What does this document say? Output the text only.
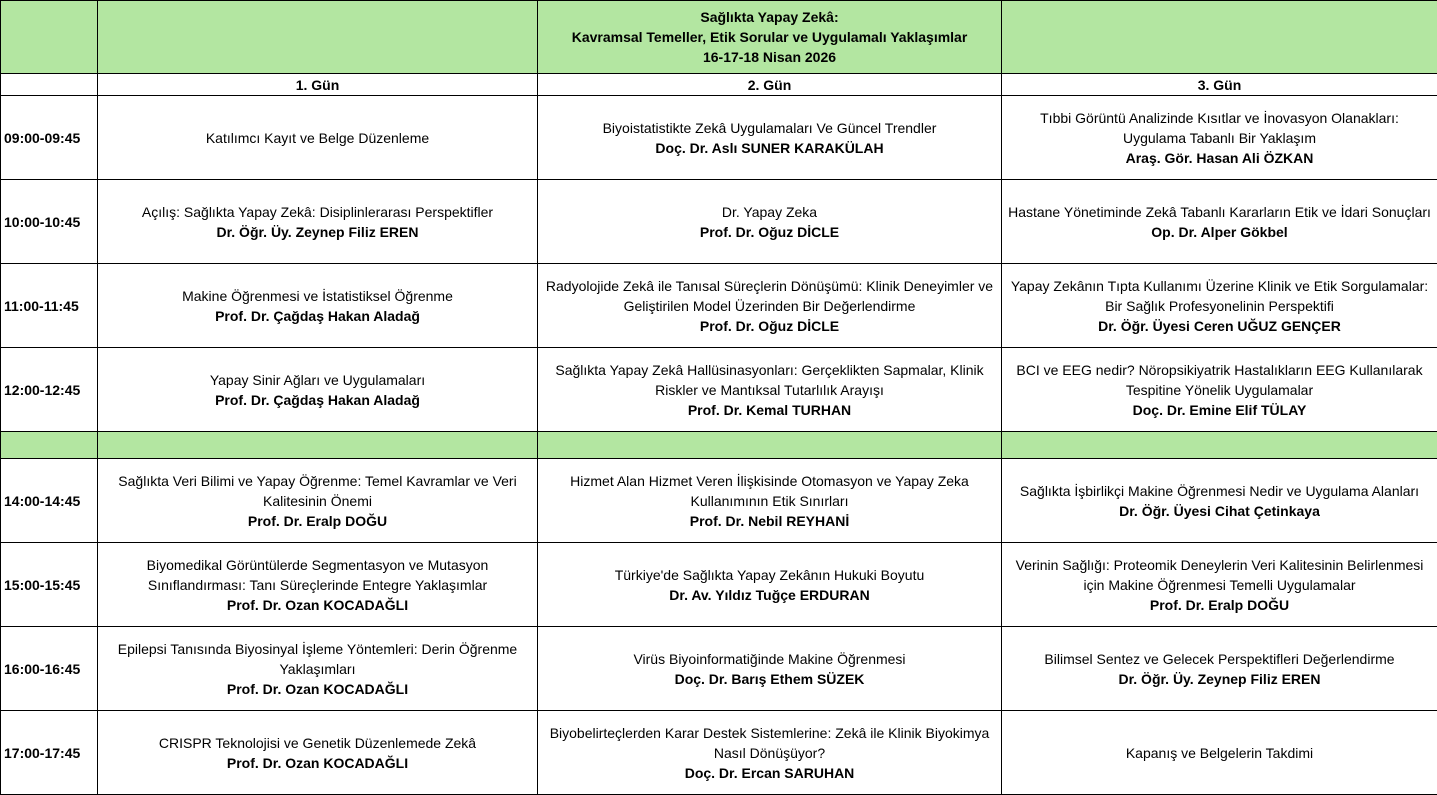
		Sağlıkta Yapay Zekâ:
Kavramsal Temeller, Etik Sorular ve Uygulamalı Yaklaşımlar
16-17-18 Nisan 2026	

	1. Gün	2. Gün	3. Gün
09:00-09:45	Katılımcı Kayıt ve Belge Düzenleme	Biyoistatistikte Zekâ Uygulamaları Ve Güncel Trendler
Doç. Dr. Aslı SUNER KARAKÜLAH	Tıbbi Görüntü Analizinde Kısıtlar ve İnovasyon Olanakları: Uygulama Tabanlı Bir Yaklaşım
Araş. Gör. Hasan Ali ÖZKAN

10:00-10:45	Açılış: Sağlıkta Yapay Zekâ: Disiplinlerarası Perspektifler
Dr. Öğr. Üy. Zeynep Filiz EREN	Dr. Yapay Zeka
Prof. Dr. Oğuz DİCLE	Hastane Yönetiminde Zekâ Tabanlı Kararların Etik ve İdari Sonuçları
Op. Dr. Alper Gökbel

11:00-11:45	Makine Öğrenmesi ve İstatistiksel Öğrenme
Prof. Dr. Çağdaş Hakan Aladağ	Radyolojide Zekâ ile Tanısal Süreçlerin Dönüşümü: Klinik Deneyimler ve Geliştirilen Model Üzerinden Bir Değerlendirme
Prof. Dr. Oğuz DİCLE	Yapay Zekânın Tıpta Kullanımı Üzerine Klinik ve Etik Sorgulamalar: Bir Sağlık Profesyonelinin Perspektifi
Dr. Öğr. Üyesi Ceren UĞUZ GENÇER

12:00-12:45	Yapay Sinir Ağları ve Uygulamaları
Prof. Dr. Çağdaş Hakan Aladağ	Sağlıkta Yapay Zekâ Hallüsinasyonları: Gerçeklikten Sapmalar, Klinik Riskler ve Mantıksal Tutarlılık Arayışı
Prof. Dr. Kemal TURHAN	BCI ve EEG nedir? Nöropsikiyatrik Hastalıkların EEG Kullanılarak Tespitine Yönelik Uygulamalar
Doç. Dr. Emine Elif TÜLAY

14:00-14:45	Sağlıkta Veri Bilimi ve Yapay Öğrenme: Temel Kavramlar ve Veri Kalitesinin Önemi
Prof. Dr. Eralp DOĞU	Hizmet Alan Hizmet Veren İlişkisinde Otomasyon ve Yapay Zeka Kullanımının Etik Sınırları
Prof. Dr. Nebil REYHANİ	Sağlıkta İşbirlikçi Makine Öğrenmesi Nedir ve Uygulama Alanları
Dr. Öğr. Üyesi Cihat Çetinkaya

15:00-15:45	Biyomedikal Görüntülerde Segmentasyon ve Mutasyon Sınıflandırması: Tanı Süreçlerinde Entegre Yaklaşımlar
Prof. Dr. Ozan KOCADAĞLI	Türkiye'de Sağlıkta Yapay Zekânın Hukuki Boyutu
Dr. Av. Yıldız Tuğçe ERDURAN	Verinin Sağlığı: Proteomik Deneylerin Veri Kalitesinin Belirlenmesi için Makine Öğrenmesi Temelli Uygulamalar
Prof. Dr. Eralp DOĞU

16:00-16:45	Epilepsi Tanısında Biyosinyal İşleme Yöntemleri: Derin Öğrenme Yaklaşımları
Prof. Dr. Ozan KOCADAĞLI	Virüs Biyoinformatiğinde Makine Öğrenmesi
Doç. Dr. Barış Ethem SÜZEK	Bilimsel Sentez ve Gelecek Perspektifleri Değerlendirme
Dr. Öğr. Üy. Zeynep Filiz EREN

17:00-17:45	CRISPR Teknolojisi ve Genetik Düzenlemede Zekâ
Prof. Dr. Ozan KOCADAĞLI	Biyobelirteçlerden Karar Destek Sistemlerine: Zekâ ile Klinik Biyokimya Nasıl Dönüşüyor?
Doç. Dr. Ercan SARUHAN	Kapanış ve Belgelerin Takdimi
